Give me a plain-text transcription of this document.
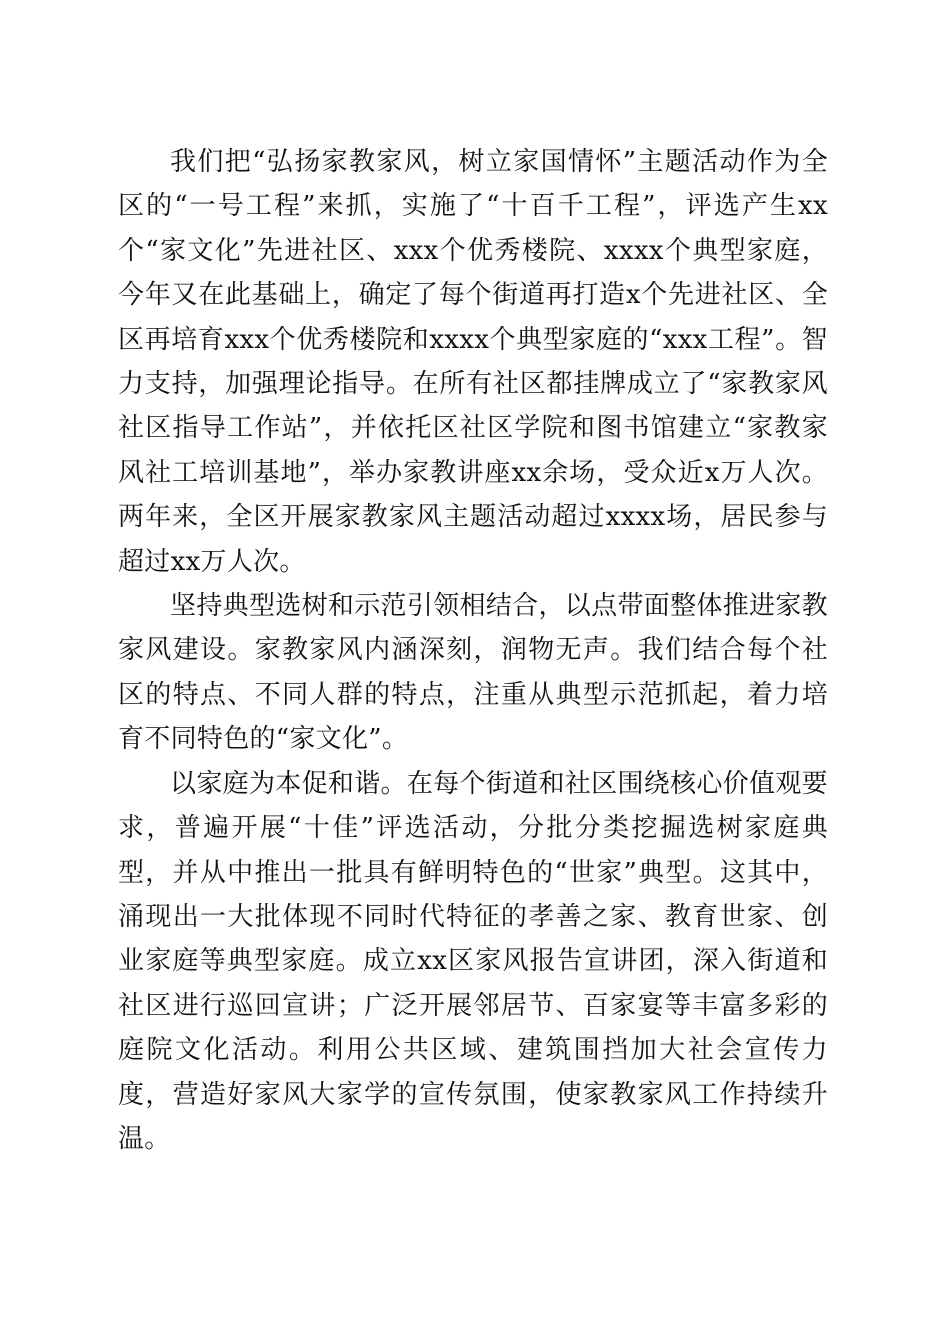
我们把“弘扬家教家风，树立家国情怀”主题活动作为全区的“一号工程”来抓，实施了“十百千工程”，评选产生xx个“家文化”先进社区、xxx个优秀楼院、xxxx个典型家庭，今年又在此基础上，确定了每个街道再打造x个先进社区、全区再培育xxx个优秀楼院和xxxx个典型家庭的“xxx工程”。智力支持，加强理论指导。在所有社区都挂牌成立了“家教家风社区指导工作站”，并依托区社区学院和图书馆建立“家教家风社工培训基地”，举办家教讲座xx余场，受众近x万人次。两年来，全区开展家教家风主题活动超过xxxx场，居民参与超过xx万人次。

坚持典型选树和示范引领相结合，以点带面整体推进家教家风建设。家教家风内涵深刻，润物无声。我们结合每个社区的特点、不同人群的特点，注重从典型示范抓起，着力培育不同特色的“家文化”。

以家庭为本促和谐。在每个街道和社区围绕核心价值观要求，普遍开展“十佳”评选活动，分批分类挖掘选树家庭典型，并从中推出一批具有鲜明特色的“世家”典型。这其中，涌现出一大批体现不同时代特征的孝善之家、教育世家、创业家庭等典型家庭。成立xx区家风报告宣讲团，深入街道和社区进行巡回宣讲；广泛开展邻居节、百家宴等丰富多彩的庭院文化活动。利用公共区域、建筑围挡加大社会宣传力度，营造好家风大家学的宣传氛围，使家教家风工作持续升温。
